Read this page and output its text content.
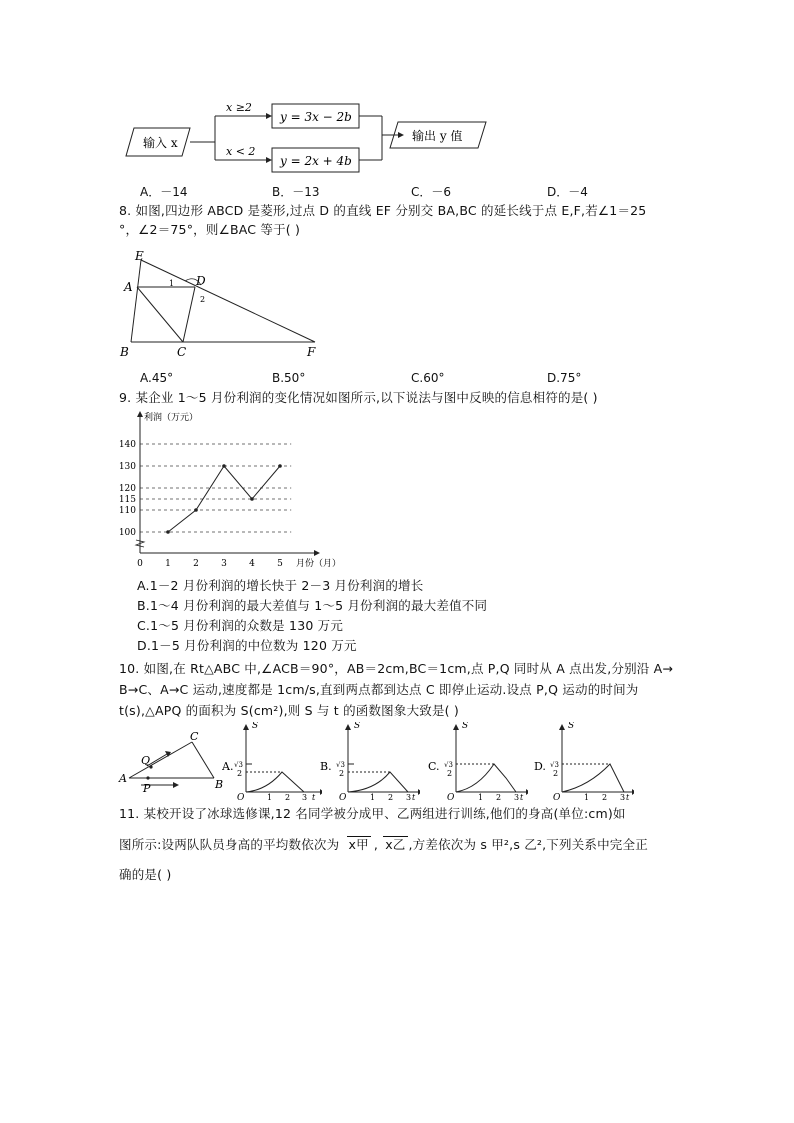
输入 x
x ≥2
x < 2
y = 3x − 2b
y = 2x + 4b
输出 y 值
A．－14	B．－13	C．－6	D．－4
8. 如图,四边形 ABCD 是菱形,过点 D 的直线 EF 分别交 BA,BC 的延长线于点 E,F,若∠1＝25
°，∠2＝75°，则∠BAC 等于( )
E
A	D
B	C	F
1
2
A.45°	B.50°	C.60°	D.75°
9. 某企业 1～5 月份利润的变化情况如图所示,以下说法与图中反映的信息相符的是( )
100
110
115
120
130
140
0 1 2 3 4 5
利润（万元）
月份（月）
A.1－2 月份利润的增长快于 2－3 月份利润的增长
B.1～4 月份利润的最大差值与 1～5 月份利润的最大差值不同
C.1～5 月份利润的众数是 130 万元
D.1－5 月份利润的中位数为 120 万元
10. 如图,在 Rt△ABC 中,∠ACB＝90°，AB＝2cm,BC＝1cm,点 P,Q 同时从 A 点出发,分别沿 A→
B→C、A→C 运动,速度都是 1cm/s,直到两点都到达点 C 即停止运动.设点 P,Q 运动的时间为
t(s),△APQ 的面积为 S(cm²),则 S 与 t 的函数图象大致是( )
A	B
C
P
Q	A.
S
t
O
√3
2
1 2 3
B.
S
t
O
√3
2
1 2 3
C.
S
t
O
√3
2
1 2 3
D.
S
t
O
√3
2
1 2 3
11. 某校开设了冰球选修课,12 名同学被分成甲、乙两组进行训练,他们的身高(单位:cm)如
图所示:设两队队员身高的平均数依次为 x甲 , x乙 ,方差依次为 s 甲²,s 乙²,下列关系中完全正
确的是( )
